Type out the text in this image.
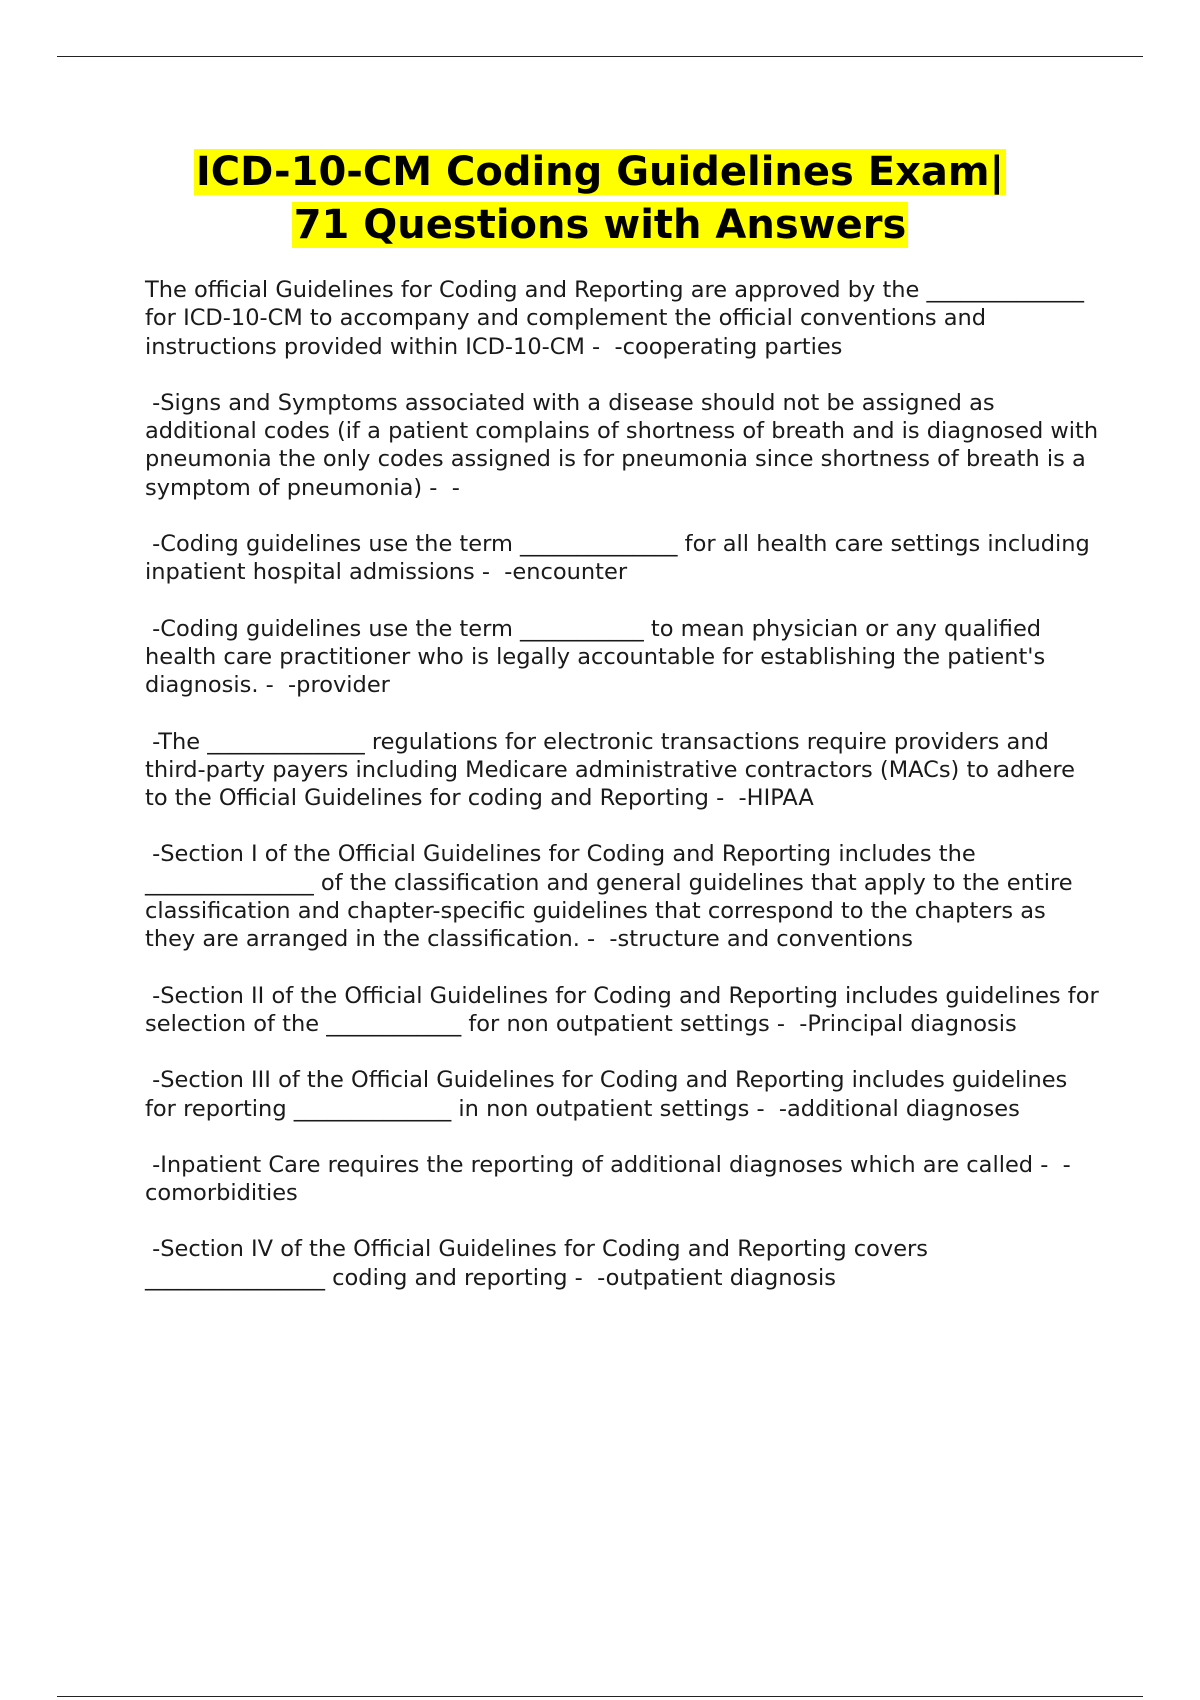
ICD-10-CM Coding Guidelines Exam|
71 Questions with Answers

The official Guidelines for Coding and Reporting are approved by the ______________ for ICD-10-CM to accompany and complement the official conventions and instructions provided within ICD-10-CM -  -cooperating parties

-Signs and Symptoms associated with a disease should not be assigned as additional codes (if a patient complains of shortness of breath and is diagnosed with pneumonia the only codes assigned is for pneumonia since shortness of breath is a symptom of pneumonia) -  -

-Coding guidelines use the term ______________ for all health care settings including inpatient hospital admissions -  -encounter

-Coding guidelines use the term ___________ to mean physician or any qualified health care practitioner who is legally accountable for establishing the patient's diagnosis. -  -provider

-The ______________ regulations for electronic transactions require providers and third-party payers including Medicare administrative contractors (MACs) to adhere to the Official Guidelines for coding and Reporting -  -HIPAA

-Section I of the Official Guidelines for Coding and Reporting includes the _______________ of the classification and general guidelines that apply to the entire classification and chapter-specific guidelines that correspond to the chapters as they are arranged in the classification. -  -structure and conventions

-Section II of the Official Guidelines for Coding and Reporting includes guidelines for selection of the ____________ for non outpatient settings -  -Principal diagnosis

-Section III of the Official Guidelines for Coding and Reporting includes guidelines for reporting ______________ in non outpatient settings -  -additional diagnoses

-Inpatient Care requires the reporting of additional diagnoses which are called -  -comorbidities

-Section IV of the Official Guidelines for Coding and Reporting covers ________________ coding and reporting -  -outpatient diagnosis
